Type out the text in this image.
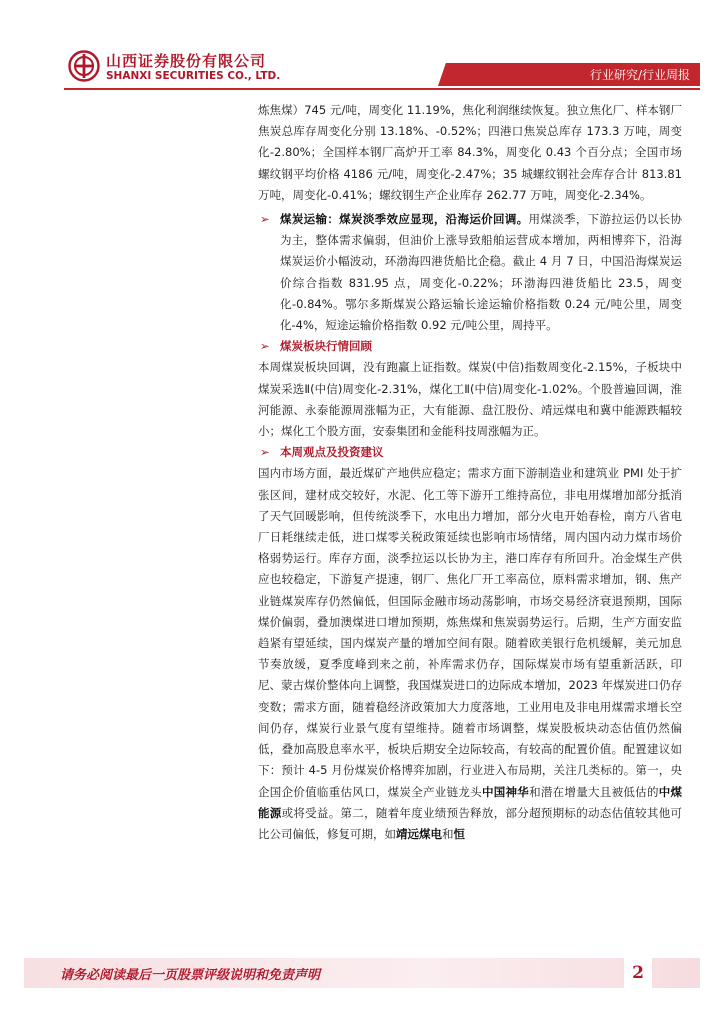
山西证券股份有限公司
SHANXI SECURITIES CO., LTD.	行业研究/行业周报

炼焦煤）745 元/吨，周变化 11.19%，焦化利润继续恢复。独立焦化厂、样本钢厂焦炭总库存周变化分别 13.18%、-0.52%；四港口焦炭总库存 173.3 万吨，周变化-2.80%；全国样本钢厂高炉开工率 84.3%，周变化 0.43 个百分点；全国市场螺纹钢平均价格 4186 元/吨，周变化-2.47%；35 城螺纹钢社会库存合计 813.81 万吨，周变化-0.41%；螺纹钢生产企业库存 262.77 万吨，周变化-2.34%。

➢ 煤炭运输：煤炭淡季效应显现，沿海运价回调。用煤淡季，下游拉运仍以长协为主，整体需求偏弱，但油价上涨导致船舶运营成本增加，两相博弈下，沿海煤炭运价小幅波动，环渤海四港货船比企稳。截止 4 月 7 日，中国沿海煤炭运价综合指数 831.95 点，周变化-0.22%；环渤海四港货船比 23.5，周变化-0.84%。鄂尔多斯煤炭公路运输长途运输价格指数 0.24 元/吨公里，周变化-4%，短途运输价格指数 0.92 元/吨公里，周持平。

➢ 煤炭板块行情回顾

本周煤炭板块回调，没有跑赢上证指数。煤炭(中信)指数周变化-2.15%，子板块中煤炭采选Ⅱ(中信)周变化-2.31%，煤化工Ⅱ(中信)周变化-1.02%。个股普遍回调，淮河能源、永泰能源周涨幅为正，大有能源、盘江股份、靖远煤电和冀中能源跌幅较小；煤化工个股方面，安泰集团和金能科技周涨幅为正。

➢ 本周观点及投资建议

国内市场方面，最近煤矿产地供应稳定；需求方面下游制造业和建筑业 PMI 处于扩张区间，建材成交较好，水泥、化工等下游开工维持高位，非电用煤增加部分抵消了天气回暖影响，但传统淡季下，水电出力增加，部分火电开始春检，南方八省电厂日耗继续走低，进口煤零关税政策延续也影响市场情绪，周内国内动力煤市场价格弱势运行。库存方面，淡季拉运以长协为主，港口库存有所回升。冶金煤生产供应也较稳定，下游复产提速，钢厂、焦化厂开工率高位，原料需求增加，钢、焦产业链煤炭库存仍然偏低，但国际金融市场动荡影响，市场交易经济衰退预期，国际煤价偏弱，叠加澳煤进口增加预期，炼焦煤和焦炭弱势运行。后期，生产方面安监趋紧有望延续，国内煤炭产量的增加空间有限。随着欧美银行危机缓解，美元加息节奏放缓，夏季度峰到来之前，补库需求仍存，国际煤炭市场有望重新活跃，印尼、蒙古煤价整体向上调整，我国煤炭进口的边际成本增加，2023 年煤炭进口仍存变数；需求方面，随着稳经济政策加大力度落地，工业用电及非电用煤需求增长空间仍存，煤炭行业景气度有望维持。随着市场调整，煤炭股板块动态估值仍然偏低，叠加高股息率水平，板块后期安全边际较高，有较高的配置价值。配置建议如下：预计 4-5 月份煤炭价格博弈加剧，行业进入布局期，关注几类标的。第一，央企国企价值临重估风口，煤炭全产业链龙头中国神华和潜在增量大且被低估的中煤能源或将受益。第二，随着年度业绩预告释放，部分超预期标的动态估值较其他可比公司偏低，修复可期，如靖远煤电和恒

请务必阅读最后一页股票评级说明和免责声明	2
